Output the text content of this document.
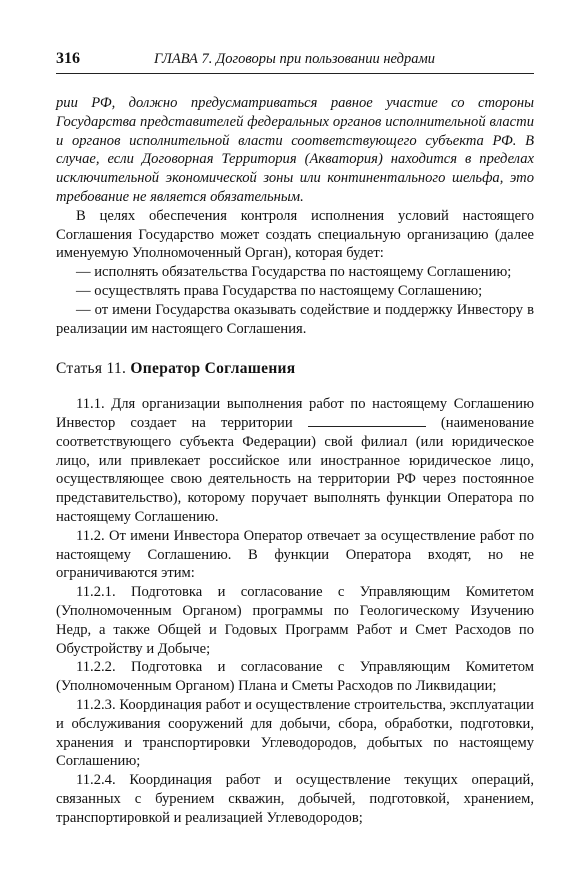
316	ГЛАВА 7. Договоры при пользовании недрами

рии РФ, должно предусматриваться равное участие со стороны Государства представителей федеральных органов исполнительной власти и органов исполнительной власти соответствующего субъекта РФ. В случае, если Договорная Территория (Акватория) находится в пределах исключительной экономической зоны или континентального шельфа, это требование не является обязательным.

В целях обеспечения контроля исполнения условий настоящего Соглашения Государство может создать специальную организацию (далее именуемую Уполномоченный Орган), которая будет:

— исполнять обязательства Государства по настоящему Соглашению;

— осуществлять права Государства по настоящему Соглашению;

— от имени Государства оказывать содействие и поддержку Инвестору в реализации им настоящего Соглашения.

Статья 11. Оператор Соглашения

11.1. Для организации выполнения работ по настоящему Соглашению Инвестор создает на территории	(наименование соответствующего субъекта Федерации) свой филиал (или юридическое лицо, или привлекает российское или иностранное юридическое лицо, осуществляющее свою деятельность на территории РФ через постоянное представительство), которому поручает выполнять функции Оператора по настоящему Соглашению.

11.2. От имени Инвестора Оператор отвечает за осуществление работ по настоящему Соглашению. В функции Оператора входят, но не ограничиваются этим:

11.2.1. Подготовка и согласование с Управляющим Комитетом (Уполномоченным Органом) программы по Геологическому Изучению Недр, а также Общей и Годовых Программ Работ и Смет Расходов по Обустройству и Добыче;

11.2.2. Подготовка и согласование с Управляющим Комитетом (Уполномоченным Органом) Плана и Сметы Расходов по Ликвидации;

11.2.3. Координация работ и осуществление строительства, эксплуатации и обслуживания сооружений для добычи, сбора, обработки, подготовки, хранения и транспортировки Углеводородов, добытых по настоящему Соглашению;

11.2.4. Координация работ и осуществление текущих операций, связанных с бурением скважин, добычей, подготовкой, хранением, транспортировкой и реализацией Углеводородов;
